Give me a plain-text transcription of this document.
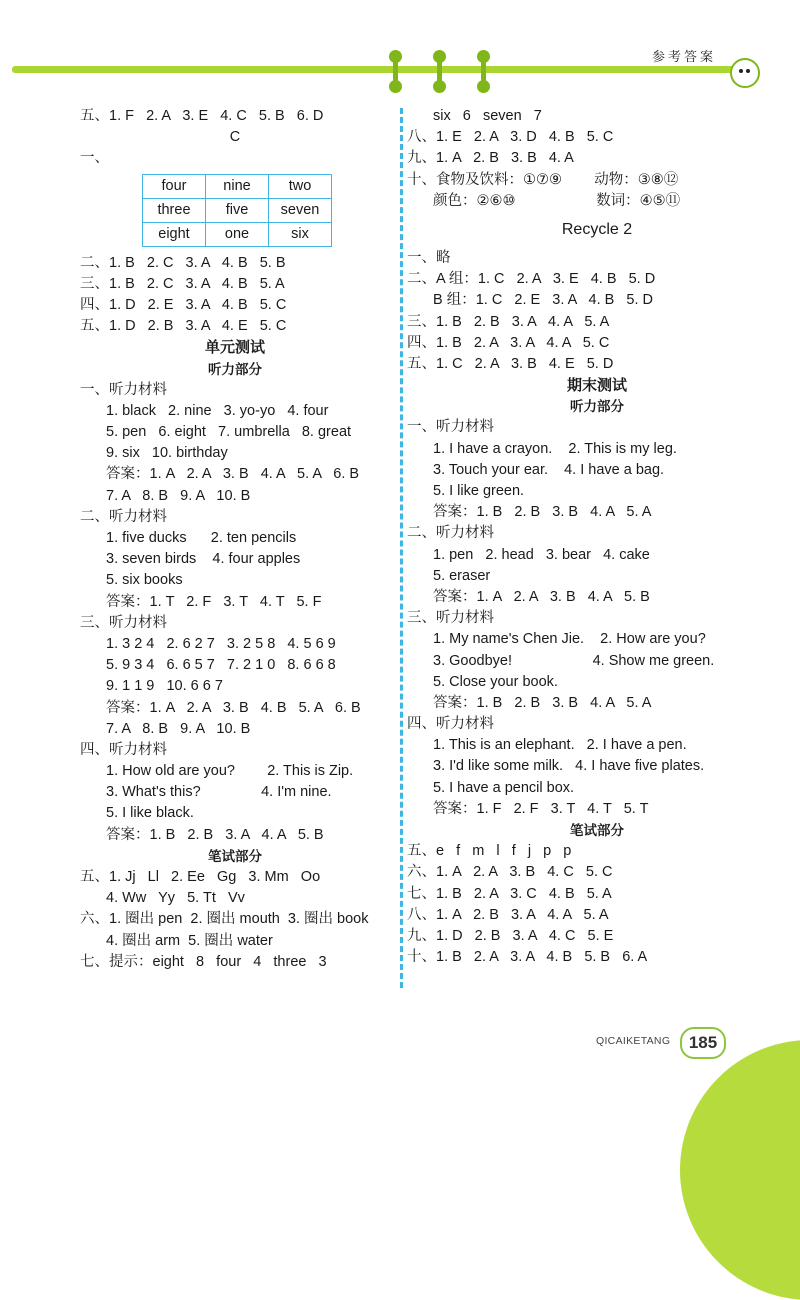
参考答案
五、1. F   2. A   3. E   4. C   5. B   6. D
C
一、
four	nine	two
three	five	seven
eight	one	six
二、1. B   2. C   3. A   4. B   5. B
三、1. B   2. C   3. A   4. B   5. A
四、1. D   2. E   3. A   4. B   5. C
五、1. D   2. B   3. A   4. E   5. C
单元测试
听力部分
一、听力材料
1. black   2. nine   3. yo-yo   4. four
5. pen   6. eight   7. umbrella   8. great
9. six   10. birthday
答案：1. A   2. A   3. B   4. A   5. A   6. B
7. A   8. B   9. A   10. B
二、听力材料
1. five ducks      2. ten pencils
3. seven birds    4. four apples
5. six books
答案：1. T   2. F   3. T   4. T   5. F
三、听力材料
1. 3 2 4   2. 6 2 7   3. 2 5 8   4. 5 6 9
5. 9 3 4   6. 6 5 7   7. 2 1 0   8. 6 6 8
9. 1 1 9   10. 6 6 7
答案：1. A   2. A   3. B   4. B   5. A   6. B
7. A   8. B   9. A   10. B
四、听力材料
1. How old are you?        2. This is Zip.
3. What's this?               4. I'm nine.
5. I like black.
答案：1. B   2. B   3. A   4. A   5. B
笔试部分
五、1. Jj   Ll   2. Ee   Gg   3. Mm   Oo
4. Ww   Yy   5. Tt   Vv
六、1. 圈出 pen  2. 圈出 mouth  3. 圈出 book
4. 圈出 arm  5. 圈出 water
七、提示：eight   8   four   4   three   3
six   6   seven   7
八、1. E   2. A   3. D   4. B   5. C
九、1. A   2. B   3. B   4. A
十、食物及饮料：①⑦⑨        动物：③⑧⑫
颜色：②⑥⑩                    数词：④⑤⑪
Recycle 2
一、略
二、A 组：1. C   2. A   3. E   4. B   5. D
B 组：1. C   2. E   3. A   4. B   5. D
三、1. B   2. B   3. A   4. A   5. A
四、1. B   2. A   3. A   4. A   5. C
五、1. C   2. A   3. B   4. E   5. D
期末测试
听力部分
一、听力材料
1. I have a crayon.    2. This is my leg.
3. Touch your ear.    4. I have a bag.
5. I like green.
答案：1. B   2. B   3. B   4. A   5. A
二、听力材料
1. pen   2. head   3. bear   4. cake
5. eraser
答案：1. A   2. A   3. B   4. A   5. B
三、听力材料
1. My name's Chen Jie.    2. How are you?
3. Goodbye!                    4. Show me green.
5. Close your book.
答案：1. B   2. B   3. B   4. A   5. A
四、听力材料
1. This is an elephant.   2. I have a pen.
3. I'd like some milk.   4. I have five plates.
5. I have a pencil box.
答案：1. F   2. F   3. T   4. T   5. T
笔试部分
五、e   f   m   l   f   j   p   p
六、1. A   2. A   3. B   4. C   5. C
七、1. B   2. A   3. C   4. B   5. A
八、1. A   2. B   3. A   4. A   5. A
九、1. D   2. B   3. A   4. C   5. E
十、1. B   2. A   3. A   4. B   5. B   6. A
QICAIKETANG	185
